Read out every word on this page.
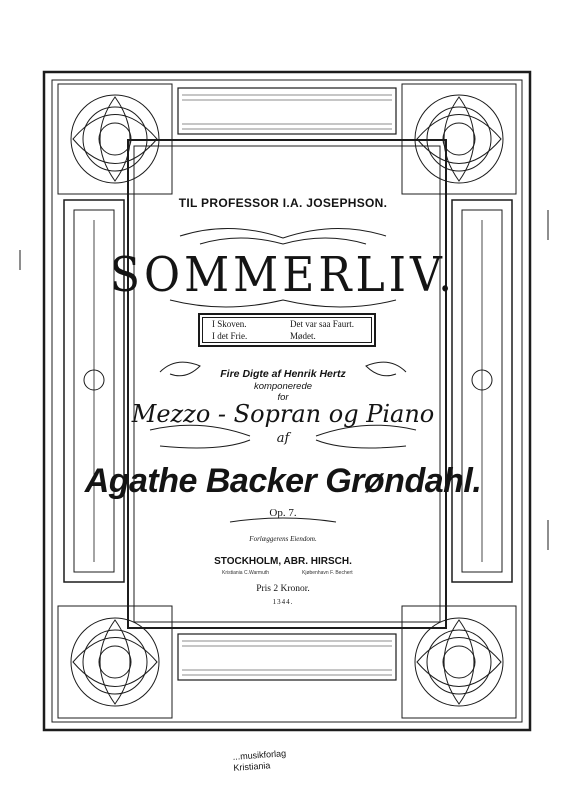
TIL PROFESSOR I.A. JOSEPHSON.
SOMMERLIV.
I Skoven.
I det Frie.
Det var saa Faurt.
Mødet.
Fire Digte af Henrik Hertz
komponerede
for
Mezzo - Sopran og Piano
af
Agathe Backer Grøndahl.
Op. 7.
Forlæggerens Eiendom.
STOCKHOLM, ABR. HIRSCH.
Kristiania C.Warmuth	Kjøbenhavn F. Bechert
Pris 2 Kronor.
1344.
...musikforlag
Kristiania
